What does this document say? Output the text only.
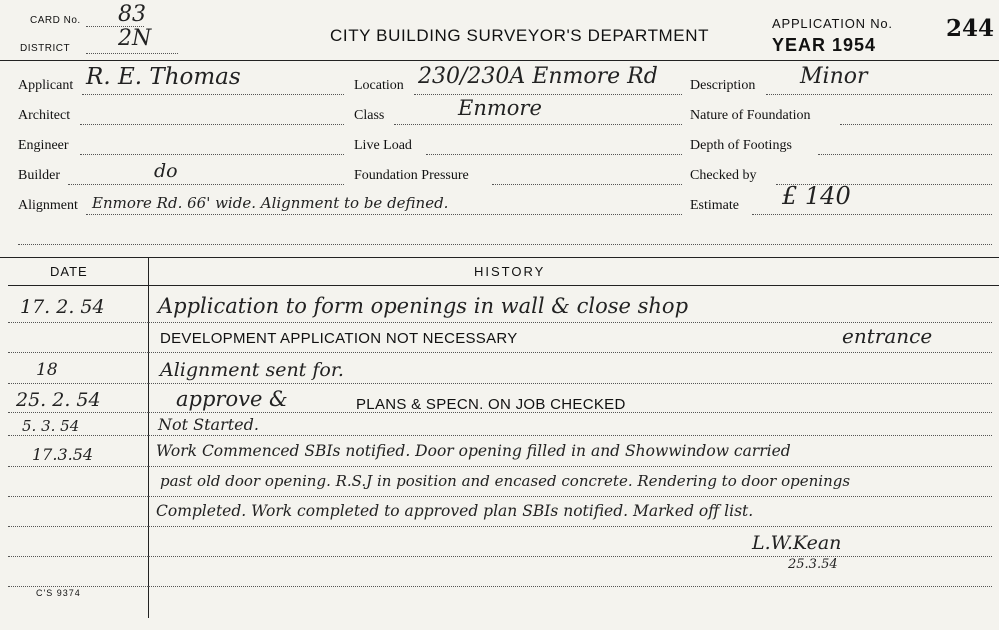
CARD No. 83
DISTRICT 2N	CITY BUILDING SURVEYOR'S DEPARTMENT
APPLICATION No. 244
YEAR 1954
Applicant R. E. Thomas	Location 230/230A Enmore Rd Description Minor
Architect	Class	Enmore	Nature of Foundation
Engineer	Live Load	Depth of Footings
Builder	do	Foundation Pressure	Checked by
Alignment Enmore Rd. 66' wide. Alignment to be defined.	Estimate £ 140
DATE	HISTORY
17. 2. 54	Application to form openings in wall & close shop
entrance
DEVELOPMENT APPLICATION NOT NECESSARY
18	Alignment sent for.
25. 2. 54	approve &	PLANS & SPECN. ON JOB CHECKED
5. 3. 54	Not Started.
17.3.54	Work Commenced SBIs notified. Door opening filled in and Showwindow carried
past old door opening. R.S.J in position and encased concrete. Rendering to door openings
Completed. Work completed to approved plan SBIs notified. Marked off list.
L.W.Kean
25.3.54
C'S 9374
